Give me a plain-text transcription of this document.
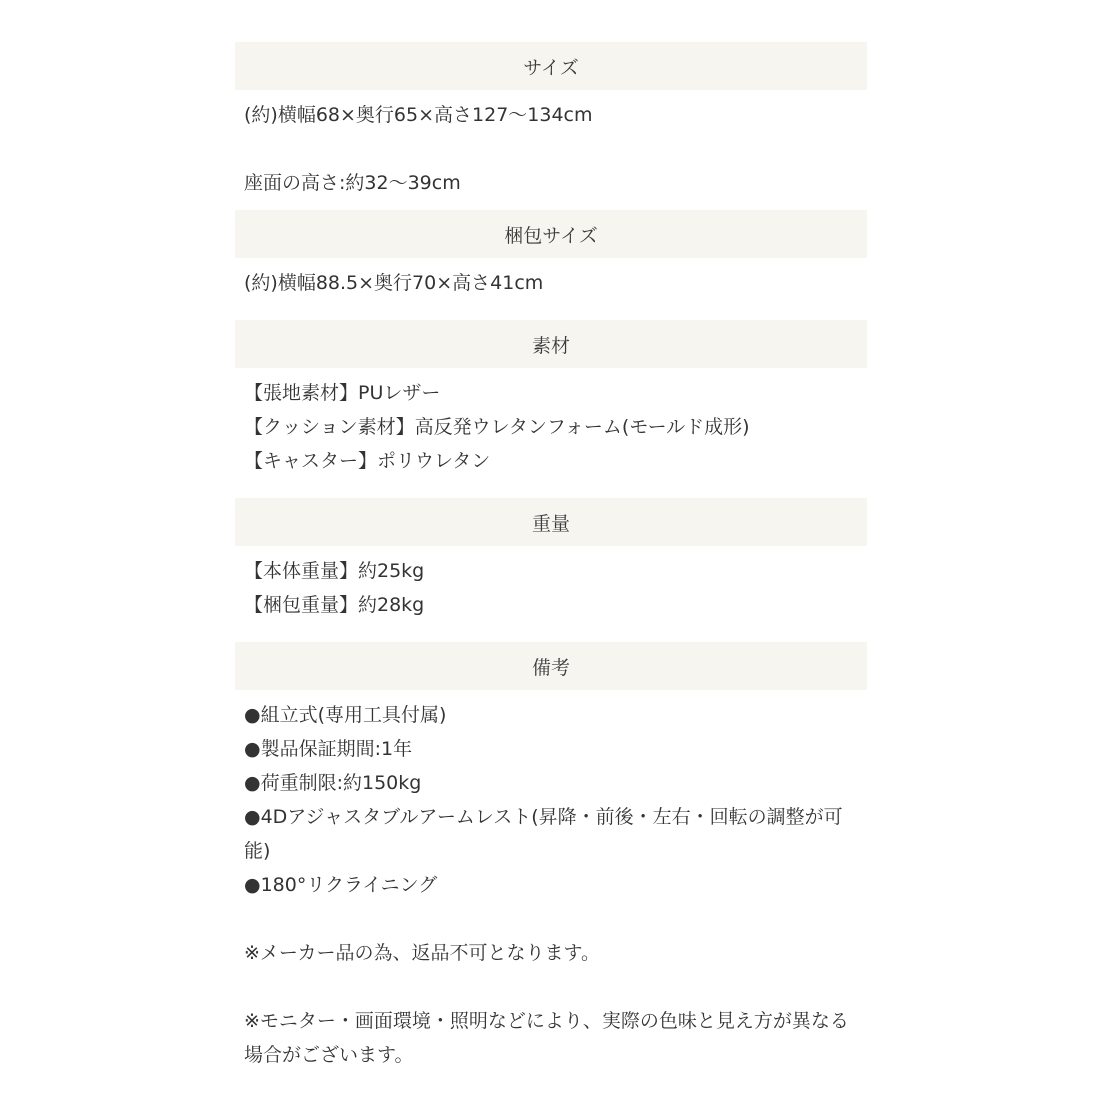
サイズ
(約)横幅68×奥行65×高さ127〜134cm
座面の高さ:約32〜39cm
梱包サイズ
(約)横幅88.5×奥行70×高さ41cm
素材
【張地素材】PUレザー
【クッション素材】高反発ウレタンフォーム(モールド成形)
【キャスター】ポリウレタン
重量
【本体重量】約25kg
【梱包重量】約28kg
備考
●組立式(専用工具付属)
●製品保証期間:1年
●荷重制限:約150kg
●4Dアジャスタブルアームレスト(昇降・前後・左右・回転の調整が可
能)
●180°リクライニング
※メーカー品の為、返品不可となります。
※モニター・画面環境・照明などにより、実際の色味と見え方が異なる
場合がございます。
